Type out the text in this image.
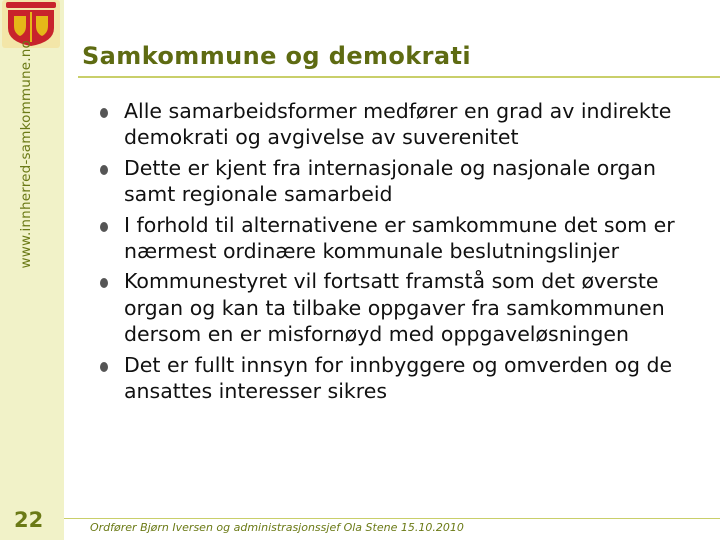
www.innherred-samkommune.no
22
Samkommune og demokrati
Alle samarbeidsformer medfører en grad av indirekte demokrati og avgivelse av suverenitet
Dette er kjent fra internasjonale og nasjonale organ samt regionale samarbeid
I forhold til alternativene er samkommune det som er nærmest ordinære kommunale beslutningslinjer
Kommunestyret vil fortsatt framstå som det øverste organ og kan ta tilbake oppgaver fra samkommunen dersom en er misfornøyd med oppgaveløsningen
Det er fullt innsyn for innbyggere og omverden og de ansattes interesser sikres
Ordfører Bjørn Iversen og administrasjonssjef Ola Stene 15.10.2010
